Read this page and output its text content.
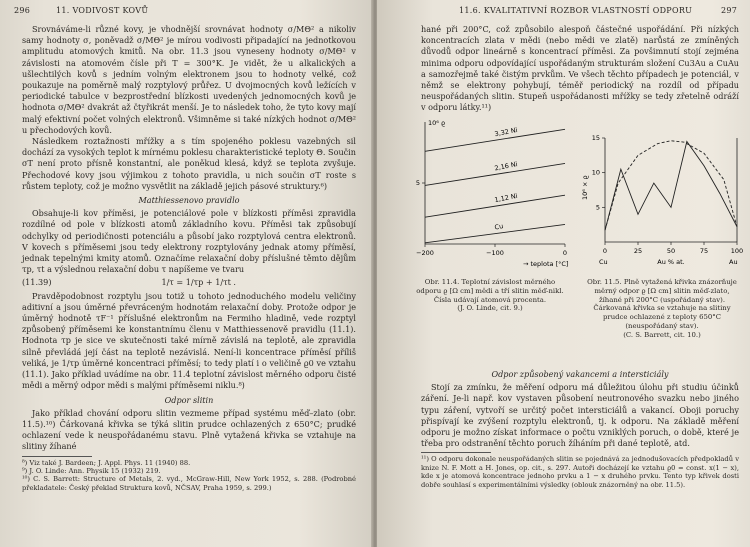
296	11. VODIVOST KOVŮ

Srovnáváme-li různé kovy, je vhodnější srovnávat hodnoty σ/MΘ² a nikoliv samy hodnoty σ, poněvadž σ/MΘ² je mírou vodivosti připadající na jednotkovou amplitudu atomových kmitů. Na obr. 11.3 jsou vyneseny hodnoty σ/MΘ² v závislosti na atomovém čísle při T = 300°K. Je vidět, že u alkalických a ušlechtilých kovů s jedním volným elektronem jsou to hodnoty velké, což poukazuje na poměrně malý rozptylový průřez. U dvojmocných kovů ležících v periodické tabulce v bezprostřední blízkosti uvedených jednomocných kovů je hodnota σ/MΘ² dvakrát až čtyřikrát menší. Je to následek toho, že tyto kovy mají malý efektivní počet volných elektronů. Všimněme si také nízkých hodnot σ/MΘ² u přechodových kovů.

Následkem roztažnosti mřížky a s tím spojeného poklesu vazebných sil dochází za vysokých teplot k mírnému poklesu charakteristické teploty Θ. Součin σT není proto přísně konstantní, ale poněkud klesá, když se teplota zvyšuje. Přechodové kovy jsou výjimkou z tohoto pravidla, u nich součin σT roste s růstem teploty, což je možno vysvětlit na základě jejich pásové struktury.⁶)

Matthiessenovo pravidlo

Obsahuje-li kov příměsi, je potenciálové pole v blízkosti příměsi zpravidla rozdílné od pole v blízkosti atomů základního kovu. Příměsi tak způsobují odchylky od periodičnosti potenciálu a působí jako rozptylová centra elektronů. V kovech s příměsemi jsou tedy elektrony rozptylovány jednak atomy příměsí, jednak tepelnými kmity atomů. Označíme relaxační doby příslušné těmto dějům τp, τt a výslednou relaxační dobu τ napíšeme ve tvaru

(11.39)	1/τ = 1/τp + 1/τt .

Pravděpodobnost rozptylu jsou totiž u tohoto jednoduchého modelu veličiny aditivní a jsou úměrné převráceným hodnotám relaxační doby. Protože odpor je úměrný hodnotě τF⁻¹ příslušné elektronům na Fermiho hladině, vede rozptyl způsobený příměsemi ke konstantnímu členu v Matthiessenově pravidlu (11.1). Hodnota τp je sice ve skutečnosti také mírně závislá na teplotě, ale zpravidla silně převládá její část na teplotě nezávislá. Není-li koncentrace příměsí příliš veliká, je 1/τp úměrné koncentraci příměsí; to tedy platí i o veličině ϱ0 ve vztahu (11.1). Jako příklad uvádíme na obr. 11.4 teplotní závislost měrného odporu čisté mědi a měrný odpor mědi s malými příměsemi niklu.⁸)

Odpor slitin

Jako příklad chování odporu slitin vezmeme případ systému měď–zlato (obr. 11.5).¹⁰) Čárkovaná křivka se týká slitin prudce ochlazených z 650°C; prudké ochlazení vede k neuspořádanému stavu. Plně vytažená křivka se vztahuje na slitiny žíhané

⁸) Viz také J. Bardeen; J. Appl. Phys. 11 (1940) 88.
⁹) J. O. Linde: Ann. Physik 15 (1932) 219.
¹⁰) C. S. Barrett: Structure of Metals, 2. vyd., McGraw-Hill, New York 1952, s. 288. (Podrobné překladatele: Český překlad Struktura kovů, NČSAV, Praha 1959, s. 299.)
11.6. KVALITATIVNÍ ROZBOR VLASTNOSTÍ ODPORU	297

hané při 200°C, což způsobilo alespoň částečné uspořádání. Při nízkých koncentracích zlata v mědi (nebo mědi ve zlatě) narůstá ze zmíněných důvodů odpor lineárně s koncentrací příměsi. Za povšimnutí stojí zejména minima odporu odpovídající uspořádaným strukturám složení Cu3Au a CuAu a samozřejmě také čistým prvkům. Ve všech těchto případech je potenciál, v němž se elektrony pohybují, téměř periodický na rozdíl od případu neuspořádaných slitin. Stupeň uspořádanosti mřížky se tedy zřetelně odráží v odporu látky.¹¹)

10⁶ ϱ
−200	−100	0
5
→ teplota [°C]
3,32 Ni
2,16 Ni
1,12 Ni
Cu
5
10
15
10⁶ × ϱ
0	25	50	75	100
Cu	Au
Au % at.
Obr. 11.4. Teplotní závislost měrného odporu ϱ [Ω cm] mědi a tří slitin měď-nikl. Čísla udávají atomová procenta.
(J. O. Linde, cit. 9.)
Obr. 11.5. Plně vytažená křivka znázorňuje měrný odpor ϱ [Ω cm] slitin měď-zlato, žíhané při 200°C (uspořádaný stav). Čárkovaná křivka se vztahuje na slitiny prudce ochlazené z teploty 650°C (neuspořádaný stav).
(C. S. Barrett, cit. 10.)
Odpor způsobený vakancemi a intersticiály

Stojí za zmínku, že měření odporu má důležitou úlohu při studiu účinků záření. Je-li např. kov vystaven působení neutronového svazku nebo jiného typu záření, vytvoří se určitý počet intersticiálů a vakancí. Oboji poruchy přispívají ke zvýšení rozptylu elektronů, tj. k odporu. Na základě měření odporu je možno získat informace o počtu vzniklých poruch, o době, které je třeba pro odstranění těchto poruch žíháním při dané teplotě, atd.

¹¹) O odporu dokonale neuspořádaných slitin se pojednává za jednodušovacích předpokladů v knize N. F. Mott a H. Jones, op. cit., s. 297. Autoři docházejí ke vztahu ϱ0 = const. x(1 − x), kde x je atomová koncentrace jednoho prvku a 1 − x druhého prvku. Tento typ křivek dosti dobře souhlasí s experimentálními výsledky (oblouk znázorněný na obr. 11.5).
